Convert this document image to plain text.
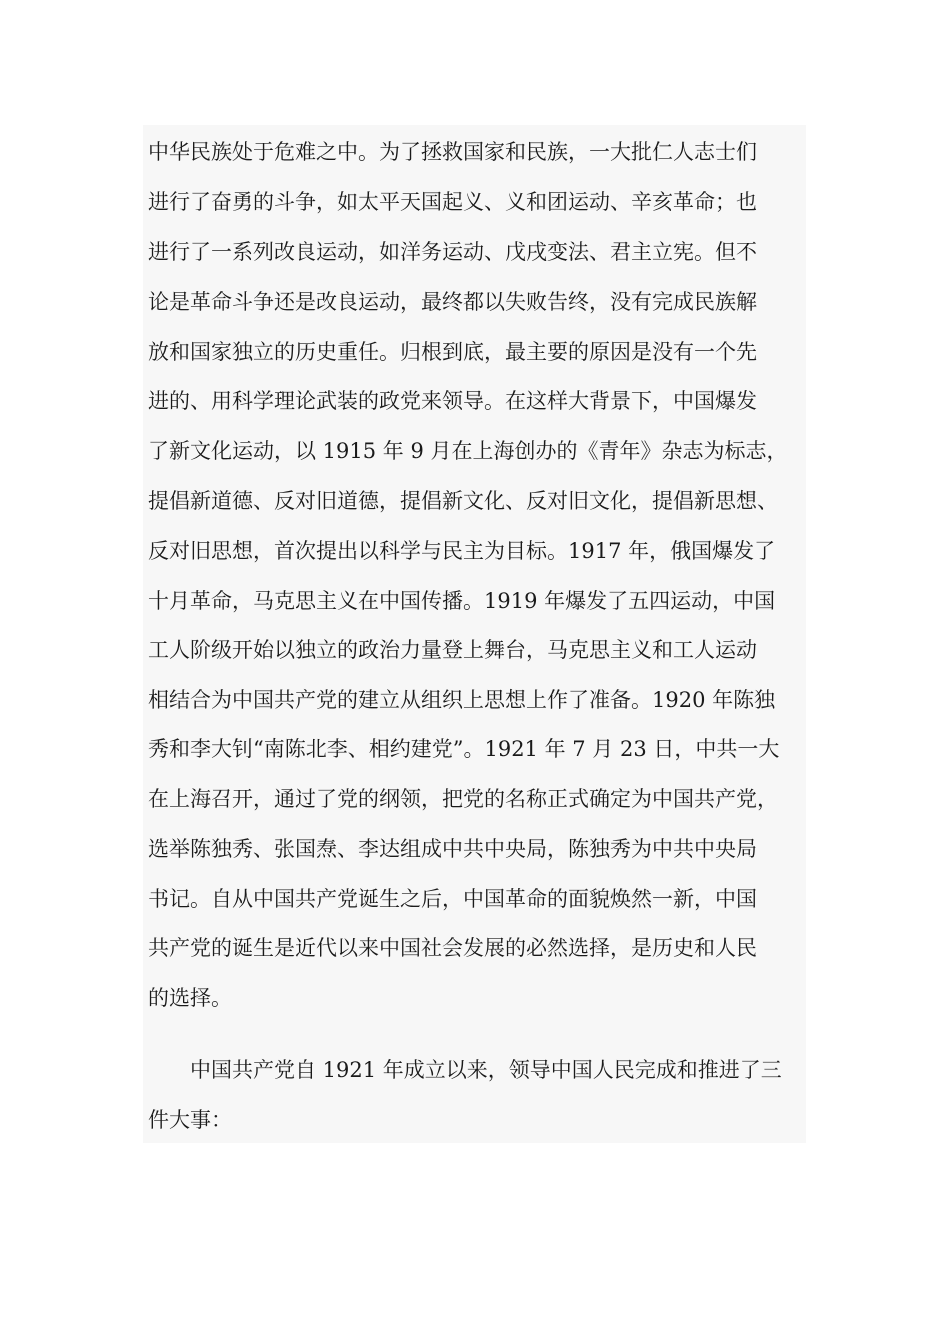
中华民族处于危难之中。为了拯救国家和民族，一大批仁人志士们
进行了奋勇的斗争，如太平天国起义、义和团运动、辛亥革命；也
进行了一系列改良运动，如洋务运动、戊戌变法、君主立宪。但不
论是革命斗争还是改良运动，最终都以失败告终，没有完成民族解
放和国家独立的历史重任。归根到底，最主要的原因是没有一个先
进的、用科学理论武装的政党来领导。在这样大背景下，中国爆发
了新文化运动，以 1915 年 9 月在上海创办的《青年》杂志为标志，
提倡新道德、反对旧道德，提倡新文化、反对旧文化，提倡新思想、
反对旧思想，首次提出以科学与民主为目标。1917 年，俄国爆发了
十月革命，马克思主义在中国传播。1919 年爆发了五四运动，中国
工人阶级开始以独立的政治力量登上舞台，马克思主义和工人运动
相结合为中国共产党的建立从组织上思想上作了准备。1920 年陈独
秀和李大钊“南陈北李、相约建党”。1921 年 7 月 23 日，中共一大
在上海召开，通过了党的纲领，把党的名称正式确定为中国共产党，
选举陈独秀、张国焘、李达组成中共中央局，陈独秀为中共中央局
书记。自从中国共产党诞生之后，中国革命的面貌焕然一新，中国
共产党的诞生是近代以来中国社会发展的必然选择，是历史和人民
的选择。
中国共产党自 1921 年成立以来，领导中国人民完成和推进了三
件大事：
